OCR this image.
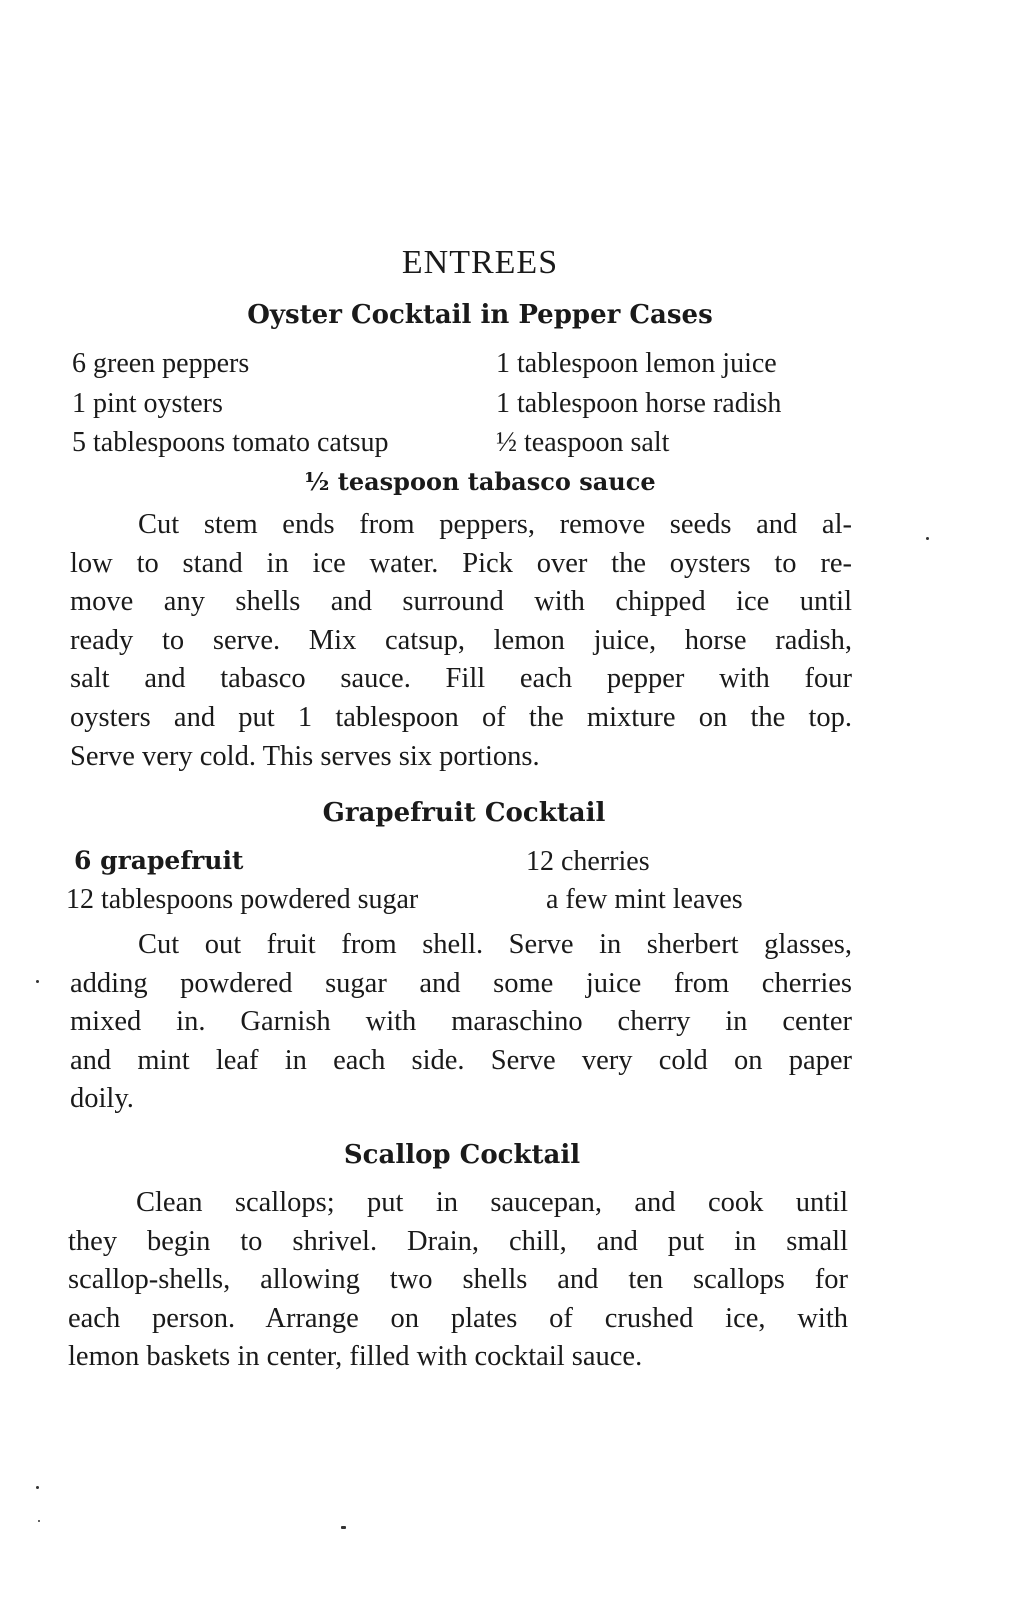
ENTREES
Oyster Cocktail in Pepper Cases
6 green peppers
1 pint oysters
5 tablespoons tomato catsup
1 tablespoon lemon juice
1 tablespoon horse radish
½ teaspoon salt
½ teaspoon tabasco sauce
Cut stem ends from peppers, remove seeds and al-
low to stand in ice water. Pick over the oysters to re-
move any shells and surround with chipped ice until
ready to serve. Mix catsup, lemon juice, horse radish,
salt and tabasco sauce. Fill each pepper with four
oysters and put 1 tablespoon of the mixture on the top.
Serve very cold. This serves six portions.
Grapefruit Cocktail
6 grapefruit
12 tablespoons powdered sugar
12 cherries
a few mint leaves
Cut out fruit from shell. Serve in sherbert glasses,
adding powdered sugar and some juice from cherries
mixed in. Garnish with maraschino cherry in center
and mint leaf in each side. Serve very cold on paper
doily.
Scallop Cocktail
Clean scallops; put in saucepan, and cook until
they begin to shrivel. Drain, chill, and put in small
scallop-shells, allowing two shells and ten scallops for
each person. Arrange on plates of crushed ice, with
lemon baskets in center, filled with cocktail sauce.
